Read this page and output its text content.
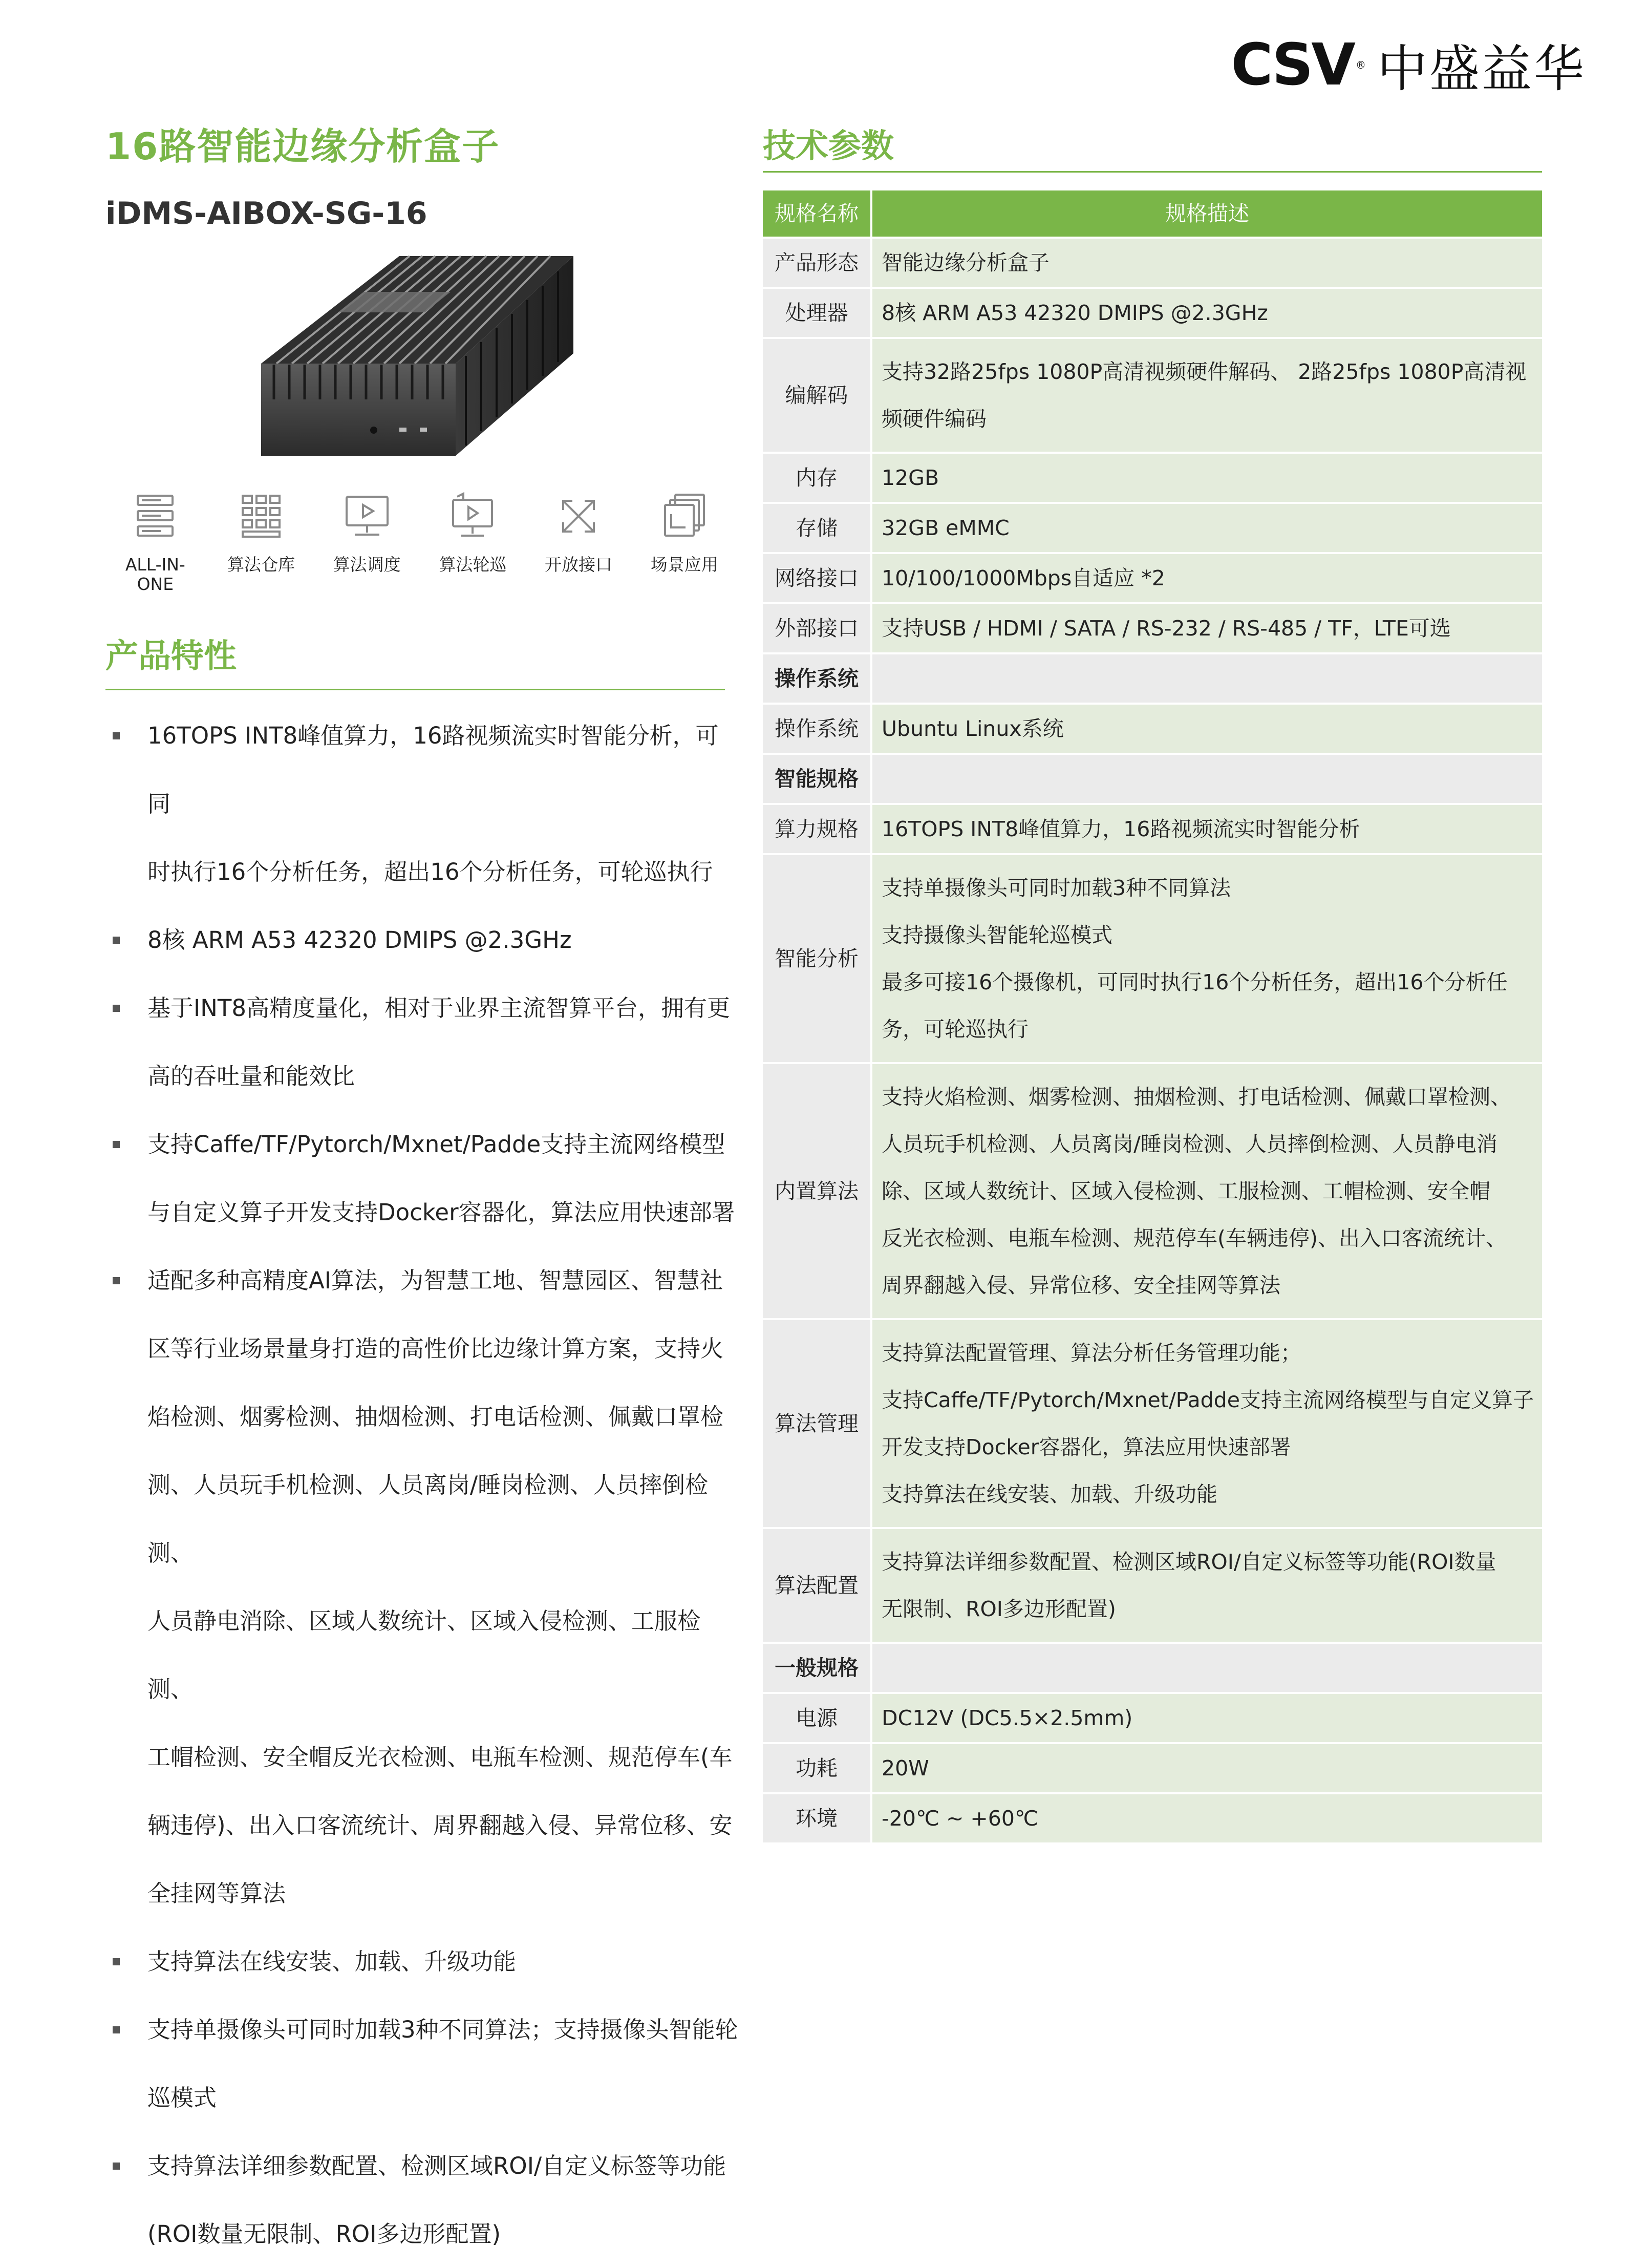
CSV ® 中盛益华
16路智能边缘分析盒子
iDMS-AIBOX-SG-16
ALL-IN-ONE
算法仓库	算法调度	算法轮巡	开放接口	场景应用
产品特性
16TOPS INT8峰值算力，16路视频流实时智能分析，可同
时执行16个分析任务，超出16个分析任务，可轮巡执行
8核 ARM A53 42320 DMIPS @2.3GHz
基于INT8高精度量化，相对于业界主流智算平台，拥有更
高的吞吐量和能效比
支持Caffe/TF/Pytorch/Mxnet/Padde支持主流网络模型
与自定义算子开发支持Docker容器化，算法应用快速部署
适配多种高精度AI算法，为智慧工地、智慧园区、智慧社
区等行业场景量身打造的高性价比边缘计算方案，支持火
焰检测、烟雾检测、抽烟检测、打电话检测、佩戴口罩检
测、人员玩手机检测、人员离岗/睡岗检测、人员摔倒检测、
人员静电消除、区域人数统计、区域入侵检测、工服检测、
工帽检测、安全帽反光衣检测、电瓶车检测、规范停车(车
辆违停)、出入口客流统计、周界翻越入侵、异常位移、安
全挂网等算法
支持算法在线安装、加载、升级功能
支持单摄像头可同时加载3种不同算法；支持摄像头智能轮
巡模式
支持算法详细参数配置、检测区域ROI/自定义标签等功能
(ROI数量无限制、ROI多边形配置)
技术参数
规格名称	规格描述
产品形态	智能边缘分析盒子

处理器	8核 ARM A53 42320 DMIPS @2.3GHz

编解码	支持32路25fps 1080P高清视频硬件解码、 2路25fps 1080P高清视
频硬件编码

内存	12GB

存储	32GB eMMC

网络接口	10/100/1000Mbps自适应 *2

外部接口	支持USB / HDMI / SATA / RS-232 / RS-485 / TF，LTE可选

操作系统	
操作系统	Ubuntu Linux系统

智能规格	
算力规格	16TOPS INT8峰值算力，16路视频流实时智能分析

智能分析	支持单摄像头可同时加载3种不同算法
支持摄像头智能轮巡模式
最多可接16个摄像机，可同时执行16个分析任务，超出16个分析任
务，可轮巡执行

内置算法	支持火焰检测、烟雾检测、抽烟检测、打电话检测、佩戴口罩检测、
人员玩手机检测、人员离岗/睡岗检测、人员摔倒检测、人员静电消
除、区域人数统计、区域入侵检测、工服检测、工帽检测、安全帽
反光衣检测、电瓶车检测、规范停车(车辆违停)、出入口客流统计、
周界翻越入侵、异常位移、安全挂网等算法

算法管理	支持算法配置管理、算法分析任务管理功能；
支持Caffe/TF/Pytorch/Mxnet/Padde支持主流网络模型与自定义算子
开发支持Docker容器化，算法应用快速部署
支持算法在线安装、加载、升级功能

算法配置	支持算法详细参数配置、检测区域ROI/自定义标签等功能(ROI数量
无限制、ROI多边形配置)

一般规格	
电源	DC12V (DC5.5×2.5mm)

功耗	20W

环境	-20℃ ~ +60℃
